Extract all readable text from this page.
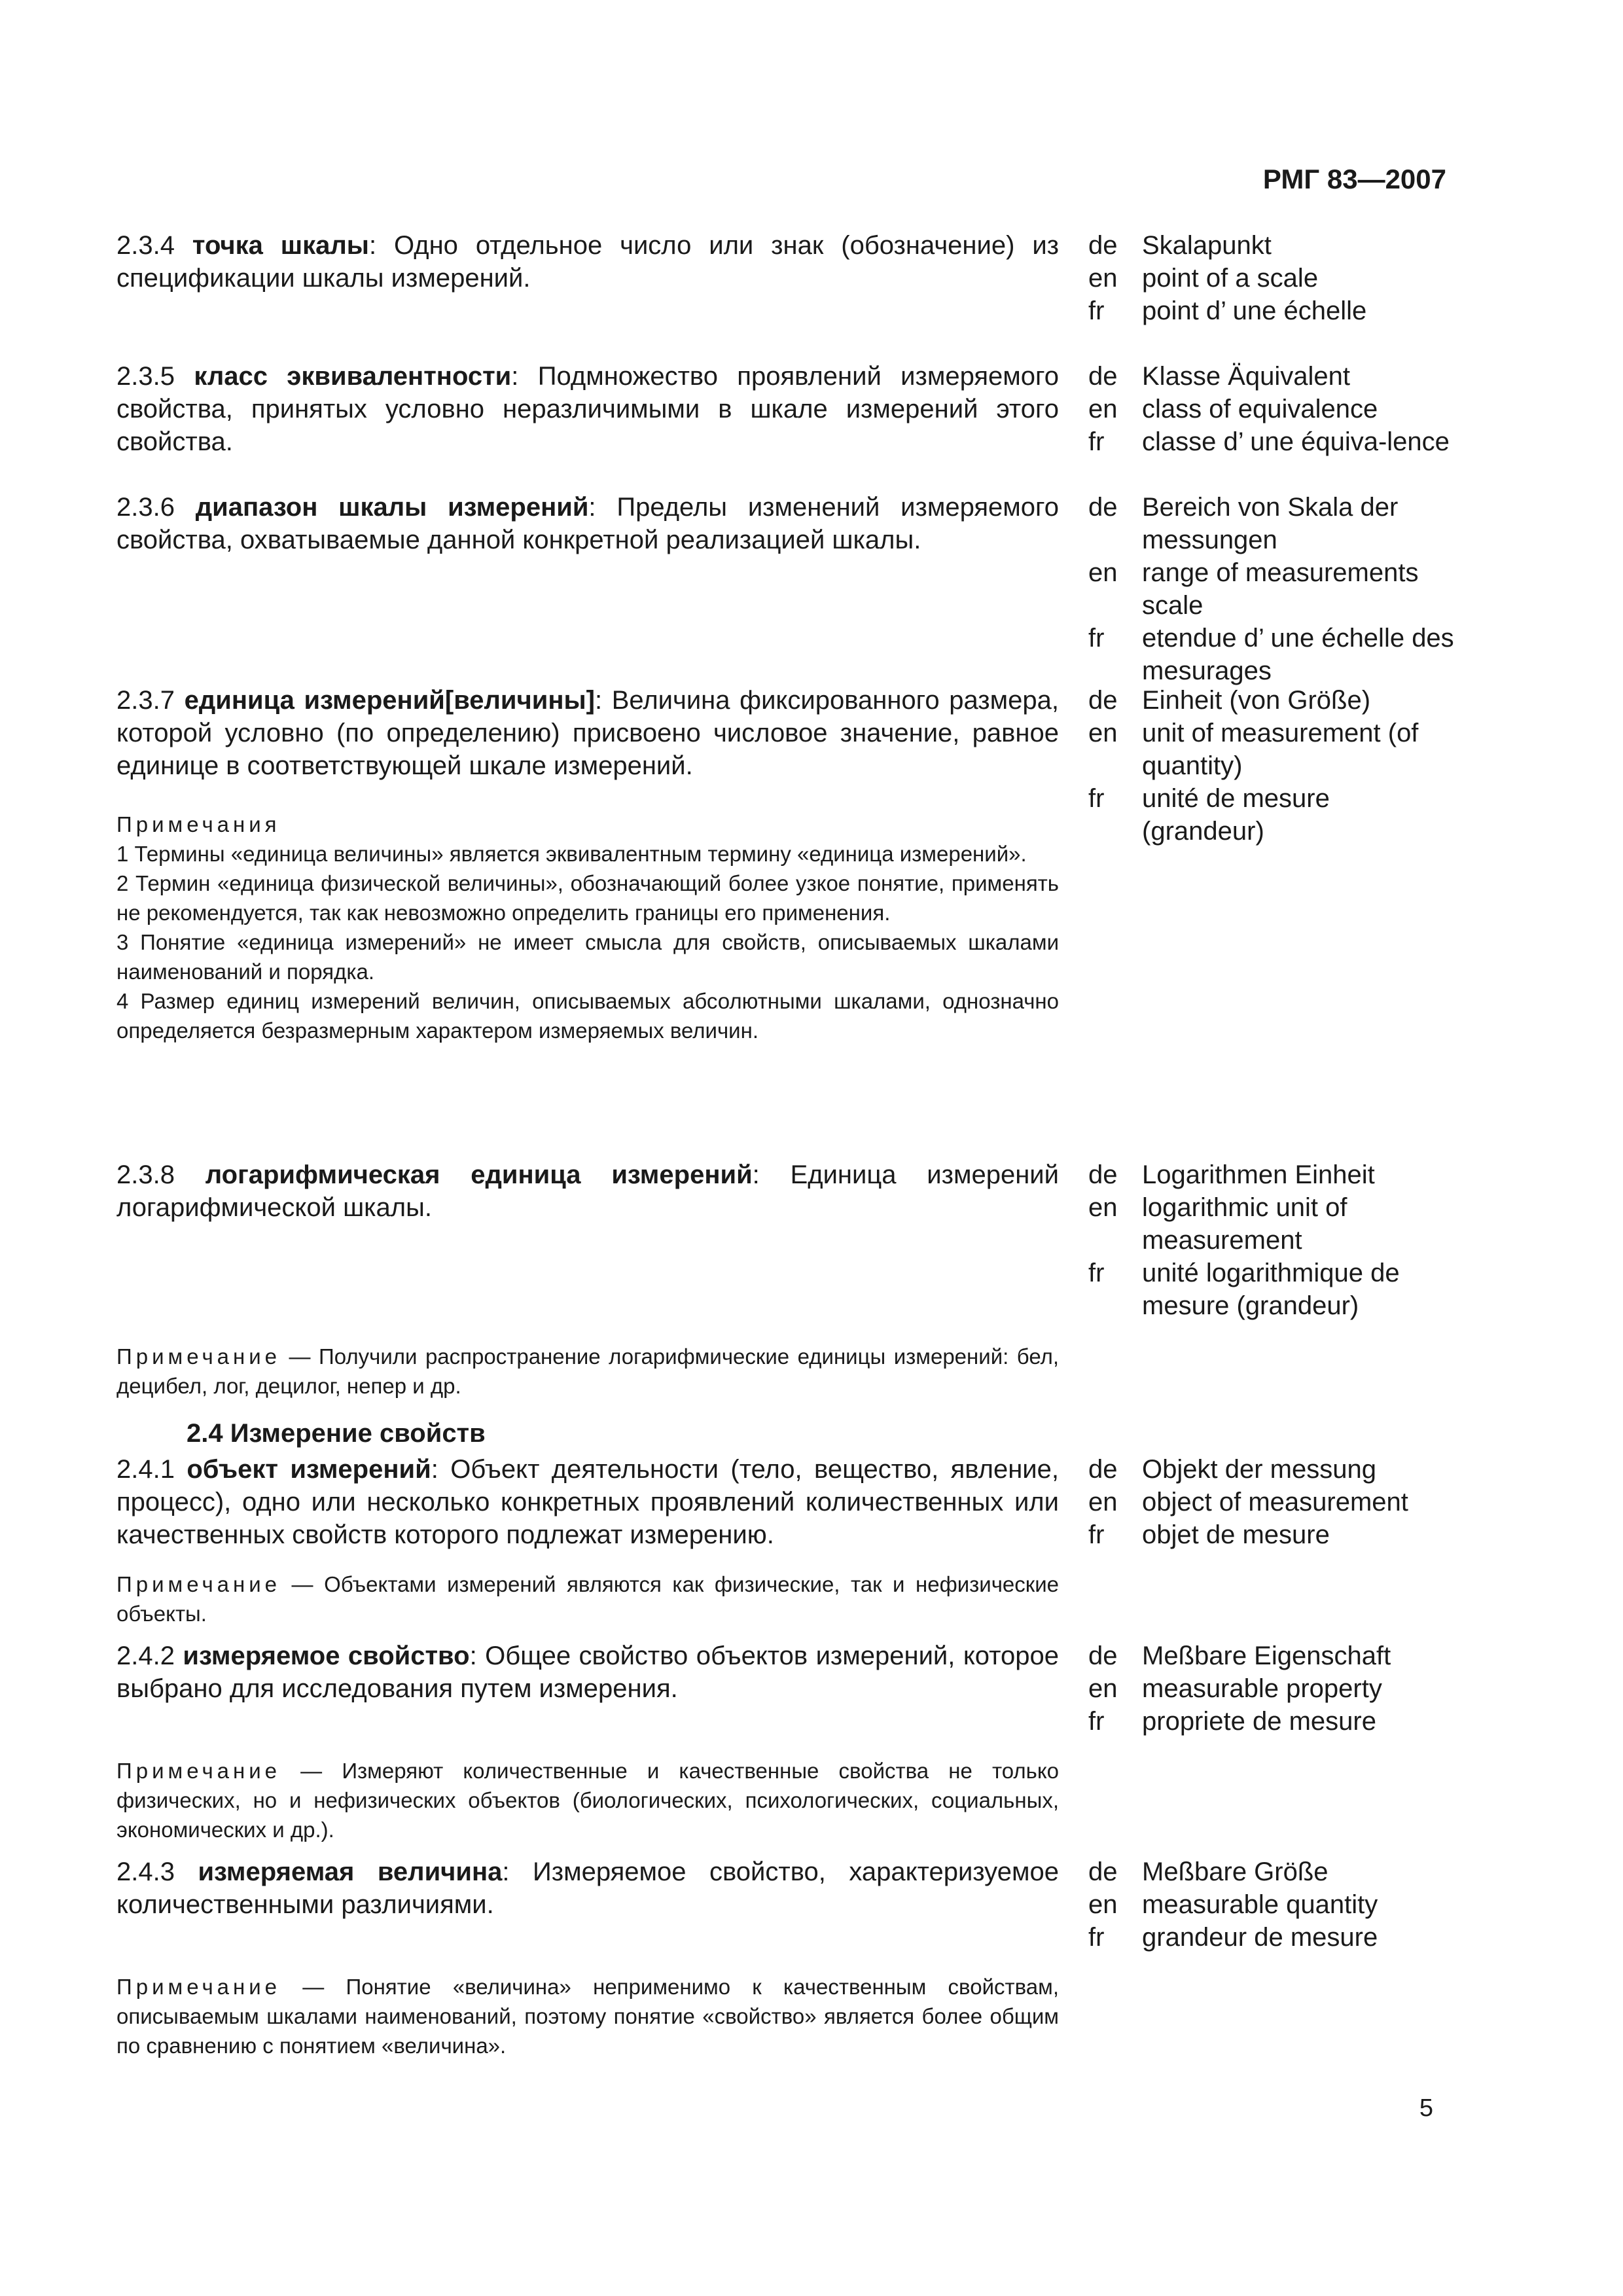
РМГ 83—2007
2.3.4 точка шкалы: Одно отдельное число или знак (обозначение) из спецификации шкалы измерений.
de Skalapunkt
en point of a scale
fr	point d’ une échelle
2.3.5 класс эквивалентности: Подмножество проявлений измеряемого свойства, принятых условно неразличимыми в шкале измерений этого свойства.
de Klasse Äquivalent
en class of equivalence
fr	classe d’ une équiva-lence
2.3.6 диапазон шкалы измерений: Пределы изменений измеряемого свойства, охватываемые данной конкретной реализацией шкалы.
de Bereich von Skala der messungen
en range of measurements scale
fr	etendue d’ une échelle des mesurages
2.3.7 единица измерений[величины]: Величина фиксированного размера, которой условно (по определению) присвоено числовое значение, равное единице в соответствующей шкале измерений.
Примечания
1 Термины «единица величины» является эквивалентным термину «единица измерений».
2 Термин «единица физической величины», обозначающий более узкое понятие, применять не рекомендуется, так как невозможно определить границы его применения.
3 Понятие «единица измерений» не имеет смысла для свойств, описываемых шкалами наименований и порядка.
4 Размер единиц измерений величин, описываемых абсолютными шкалами, однозначно определяется безразмерным характером измеряемых величин.
de Einheit (von Größe)
en unit of measurement (of quantity)
fr	unité de mesure (grandeur)
2.3.8 логарифмическая единица измерений: Единица измерений логарифмической шкалы.
de Logarithmen Einheit
en logarithmic unit of measurement
fr	unité logarithmique de mesure (grandeur)
Примечание — Получили распространение логарифмические единицы измерений: бел, децибел, лог, децилог, непер и др.
2.4 Измерение свойств
2.4.1 объект измерений: Объект деятельности (тело, вещество, явление, процесс), одно или несколько конкретных проявлений количественных или качественных свойств которого подлежат измерению.
Примечание — Объектами измерений являются как физические, так и нефизические объекты.
de Objekt der messung
en object of measurement
fr	objet de mesure
2.4.2 измеряемое свойство: Общее свойство объектов измерений, которое выбрано для исследования путем измерения.
Примечание — Измеряют количественные и качественные свойства не только физических, но и нефизических объектов (биологических, психологических, социальных, экономических и др.).
de Meßbare Eigenschaft
en measurable property
fr	propriete de mesure
2.4.3 измеряемая величина: Измеряемое свойство, характеризуемое количественными различиями.
Примечание — Понятие «величина» неприменимо к качественным свойствам, описываемым шкалами наименований, поэтому понятие «свойство» является более общим по сравнению с понятием «величина».
de Meßbare Größe
en measurable quantity
fr	grandeur de mesure
5
